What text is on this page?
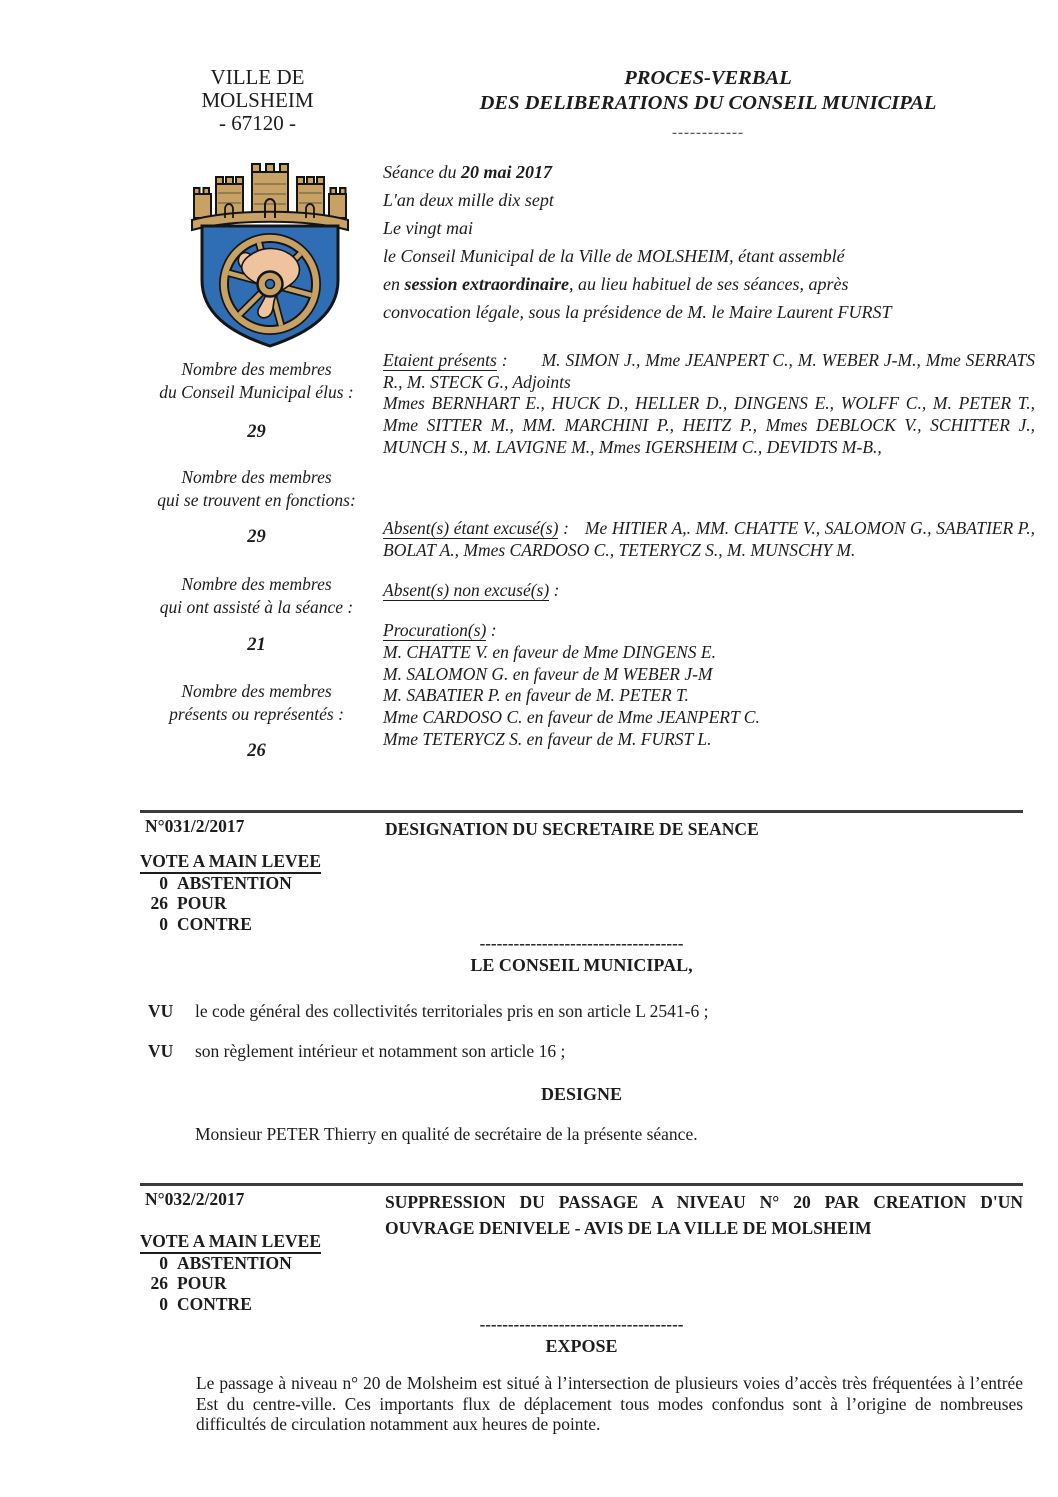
VILLE DE
MOLSHEIM
- 67120 -
PROCES-VERBAL
DES DELIBERATIONS DU CONSEIL MUNICIPAL
------------
Séance du 20 mai 2017
L'an deux mille dix sept
Le vingt mai
le Conseil Municipal de la Ville de MOLSHEIM, étant assemblé
en session extraordinaire, au lieu habituel de ses séances, après
convocation légale, sous la présidence de M. le Maire Laurent FURST
Nombre des membres
du Conseil Municipal élus :
29
Nombre des membres
qui se trouvent en fonctions:
29
Nombre des membres
qui ont assisté à la séance :
21
Nombre des membres
présents ou représentés :
26
Etaient présents : M. SIMON J., Mme JEANPERT C., M. WEBER J-M., Mme SERRATS R., M. STECK G., Adjoints
Mmes BERNHART E., HUCK D., HELLER D., DINGENS E., WOLFF C., M. PETER T., Mme SITTER M., MM. MARCHINI P., HEITZ P., Mmes DEBLOCK V., SCHITTER J., MUNCH S., M. LAVIGNE M., Mmes IGERSHEIM C., DEVIDTS M-B.,
Absent(s) étant excusé(s) : Me HITIER A,. MM. CHATTE V., SALOMON G., SABATIER P., BOLAT A., Mmes CARDOSO C., TETERYCZ S., M. MUNSCHY M.
Absent(s) non excusé(s) :
Procuration(s) :
M. CHATTE V. en faveur de Mme DINGENS E.
M. SALOMON G. en faveur de M WEBER J-M
M. SABATIER P. en faveur de M. PETER T.
Mme CARDOSO C. en faveur de Mme JEANPERT C.
Mme TETERYCZ S. en faveur de M. FURST L.
N°031/2/2017	DESIGNATION DU SECRETAIRE DE SEANCE
VOTE A MAIN LEVEE
0 ABSTENTION
26 POUR
0 CONTRE
------------------------------------
LE CONSEIL MUNICIPAL,
VU le code général des collectivités territoriales pris en son article L 2541-6 ;
VU son règlement intérieur et notamment son article 16 ;
DESIGNE
Monsieur PETER Thierry en qualité de secrétaire de la présente séance.
N°032/2/2017	SUPPRESSION DU PASSAGE A NIVEAU N° 20 PAR CREATION D'UN OUVRAGE DENIVELE - AVIS DE LA VILLE DE MOLSHEIM
VOTE A MAIN LEVEE
0 ABSTENTION
26 POUR
0 CONTRE
------------------------------------
EXPOSE
Le passage à niveau n° 20 de Molsheim est situé à l’intersection de plusieurs voies d’accès très fréquentées à l’entrée Est du centre-ville. Ces importants flux de déplacement tous modes confondus sont à l’origine de nombreuses difficultés de circulation notamment aux heures de pointe.
